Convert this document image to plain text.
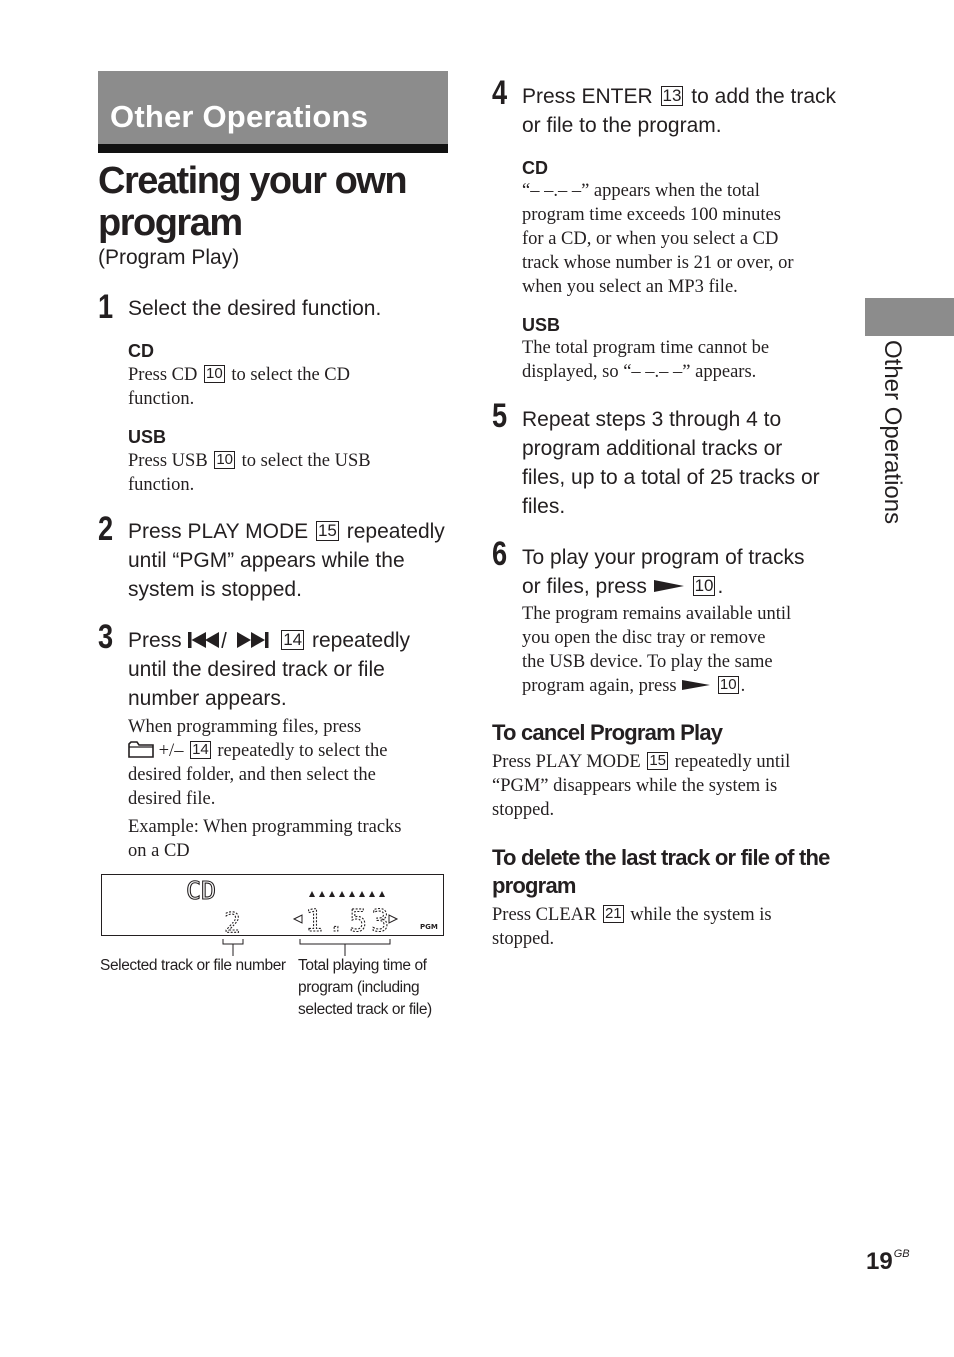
Other Operations
Creating your own
program
(Program Play)
1 Select the desired function.
CD
Press CD 10 to select the CD
function.
USB
Press USB 10 to select the USB
function.
2 Press PLAY MODE 15 repeatedly
until “PGM” appears while the
system is stopped.
3 Press	14 repeatedly
until the desired track or file
number appears.
When programming files, press
+/– 14 repeatedly to select the
desired folder, and then select the
desired file.
Example: When programming tracks
on a CD
CD
2 1.53	PGM
Selected track or file number Total playing time of
program (including
selected track or file)
4 Press ENTER 13 to add the track
or file to the program.
CD
“– –.– –” appears when the total
program time exceeds 100 minutes
for a CD, or when you select a CD
track whose number is 21 or over, or
when you select an MP3 file.
USB
The total program time cannot be
displayed, so “– –.– –” appears.
5 Repeat steps 3 through 4 to
program additional tracks or
files, up to a total of 25 tracks or
files.
6 To play your program of tracks
or files, press	10 .
The program remains available until
you open the disc tray or remove
the USB device. To play the same
program again, press	10 .
To cancel Program Play
Press PLAY MODE 15 repeatedly until
“PGM” disappears while the system is
stopped.
To delete the last track or file of the
program
Press CLEAR 21 while the system is
stopped.
Other Operations
$19^{GB}$
